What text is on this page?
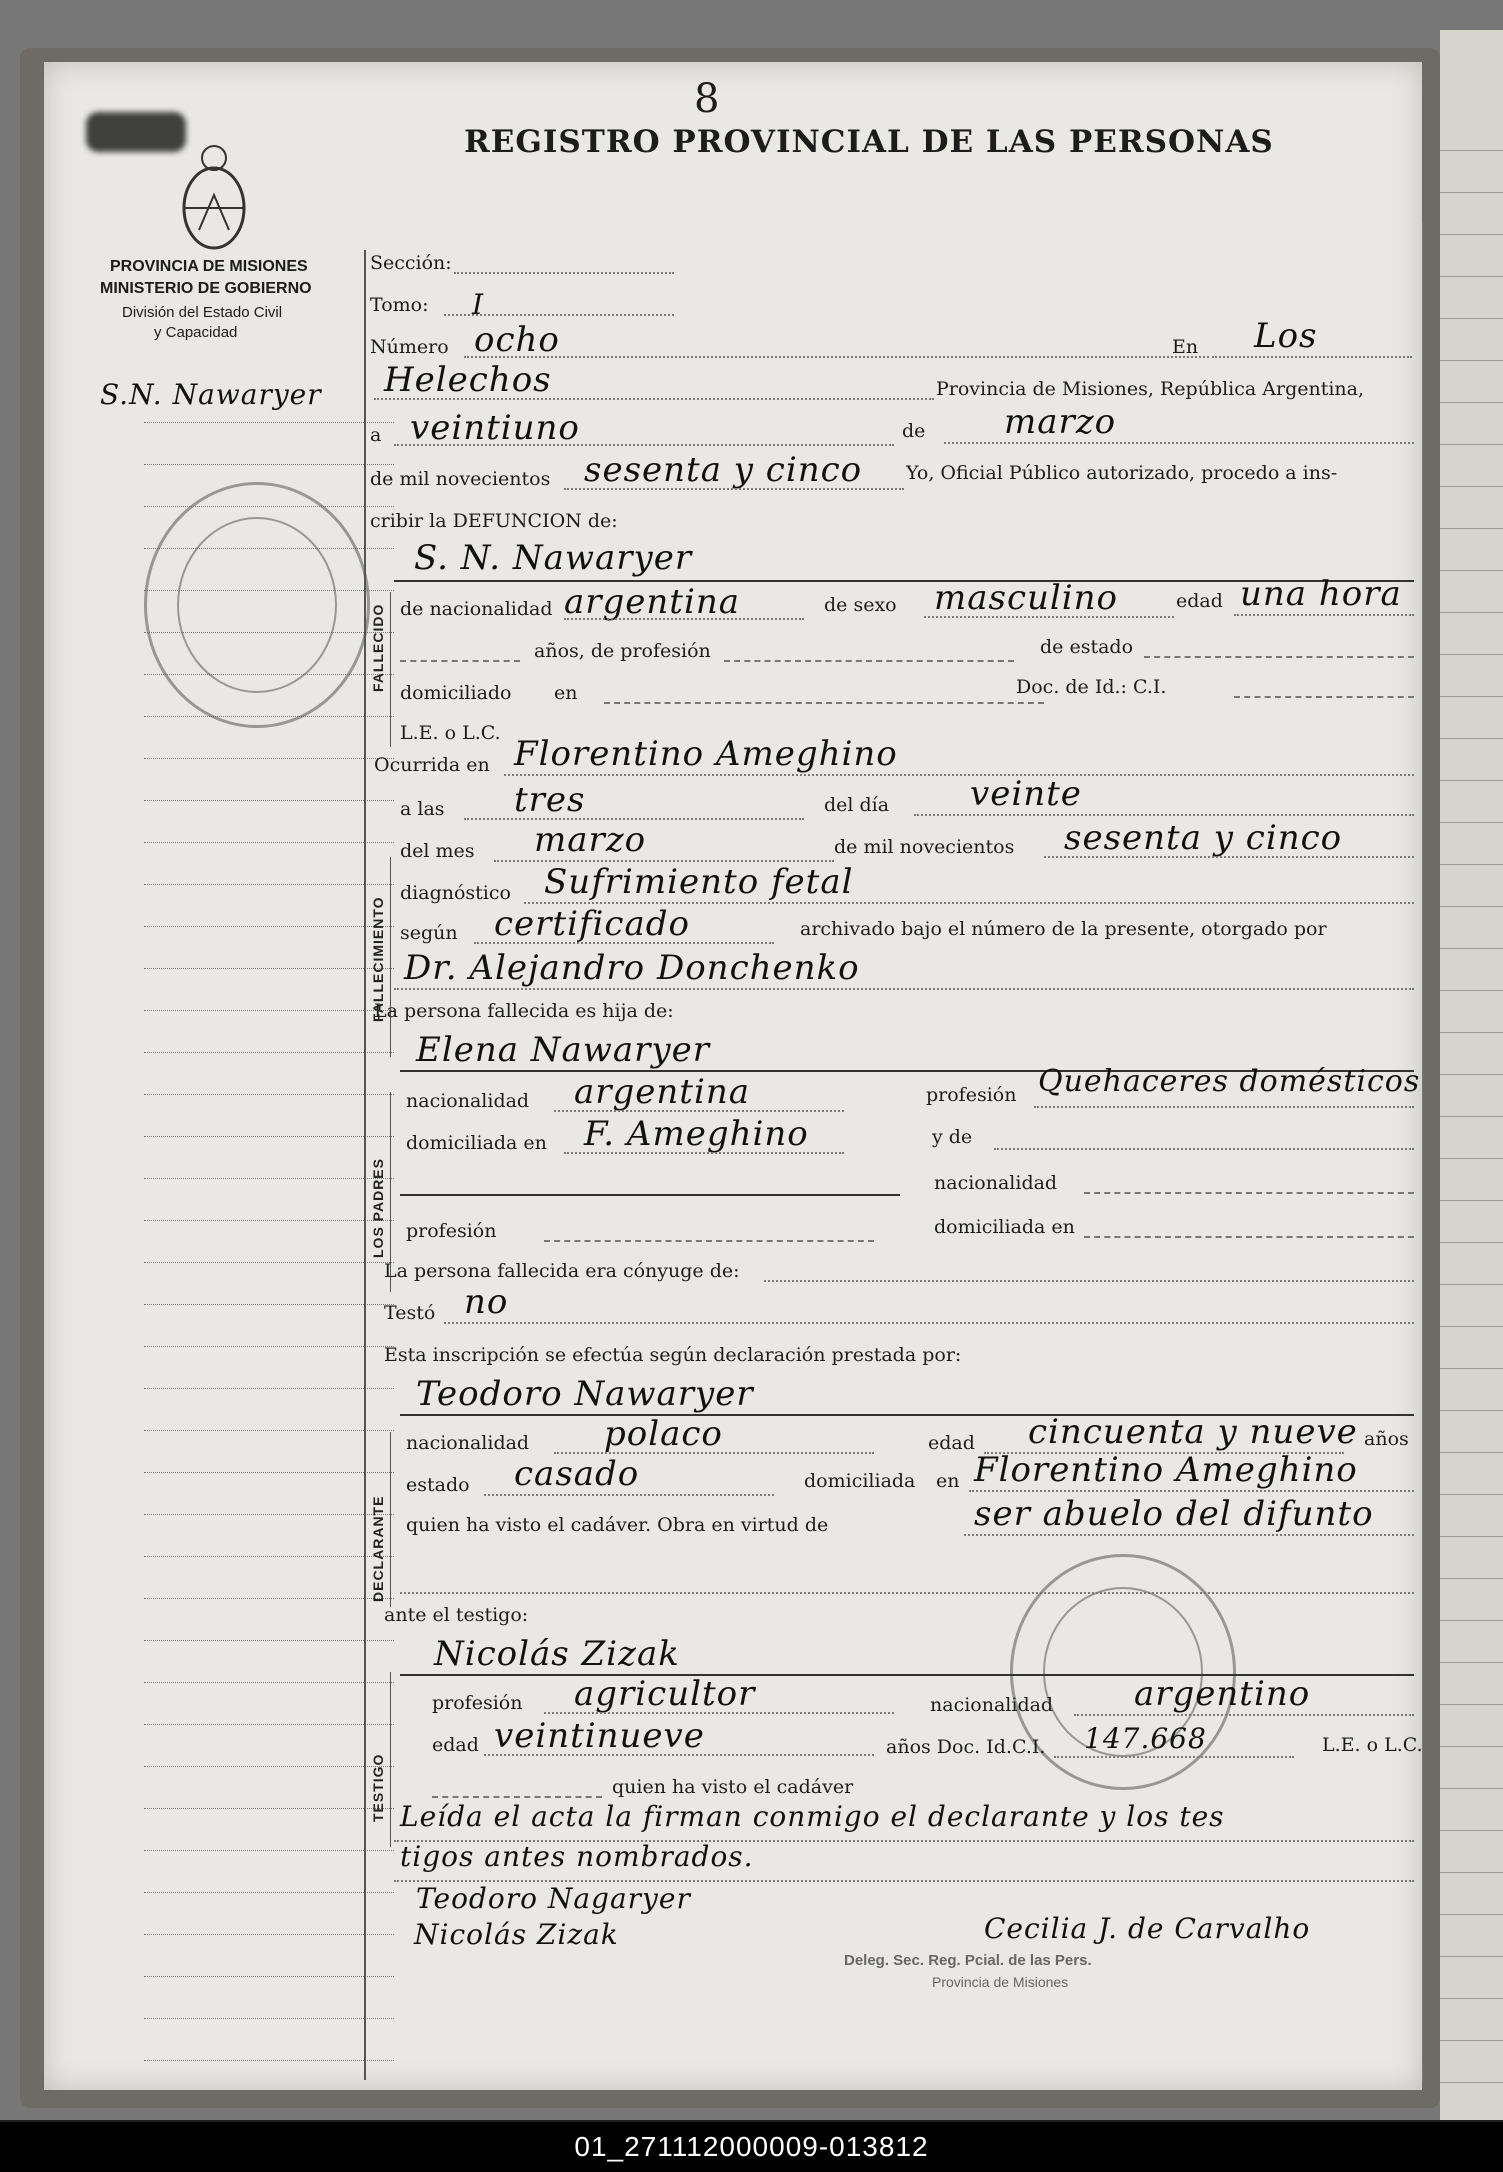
8
REGISTRO PROVINCIAL DE LAS PERSONAS
PROVINCIA DE MISIONES
MINISTERIO DE GOBIERNO
División del Estado Civil
y Capacidad
S.N. Nawaryer
FALLECIDO
FALLECIMIENTO
LOS PADRES
DECLARANTE
TESTIGO
Sección:
Tomo: I
Número ocho	En Los
Helechos	Provincia de Misiones, República Argentina,
a veintiuno	de marzo
de mil novecientos sesenta y cinco Yo, Oficial Público autorizado, procedo a ins-
cribir la DEFUNCION de:
S. N. Nawaryer
de nacionalidad argentina	de sexo masculino	edad una hora
años, de profesión	de estado
domiciliado en	Doc. de Id.: C.I.
L.E. o L.C.
Ocurrida en Florentino Ameghino
a las tres	del día veinte
del mes marzo	de mil novecientos sesenta y cinco
diagnóstico Sufrimiento fetal
según certificado	archivado bajo el número de la presente, otorgado por
Dr. Alejandro Donchenko
La persona fallecida es hija de:
Elena Nawaryer
nacionalidad argentina	profesión Quehaceres domésticos
domiciliada en F. Ameghino	y de
nacionalidad
profesión	domiciliada en
La persona fallecida era cónyuge de:
Testó no
Esta inscripción se efectúa según declaración prestada por:
Teodoro Nawaryer
nacionalidad polaco	edad cincuenta y nueve años
estado casado	domiciliada en Florentino Ameghino
quien ha visto el cadáver. Obra en virtud de	ser abuelo del difunto
ante el testigo:
Nicolás Zizak
profesión agricultor	nacionalidad argentino
edad veintinueve	años Doc. Id. C.I. 147.668	L.E. o L.C.
quien ha visto el cadáver
Leída el acta la firman conmigo el declarante y los tes
tigos antes nombrados.
Teodoro Nagaryer
Nicolás Zizak	Cecilia J. de Carvalho
Deleg. Sec. Reg. Pcial. de las Pers.
Provincia de Misiones
01_271112000009-013812
